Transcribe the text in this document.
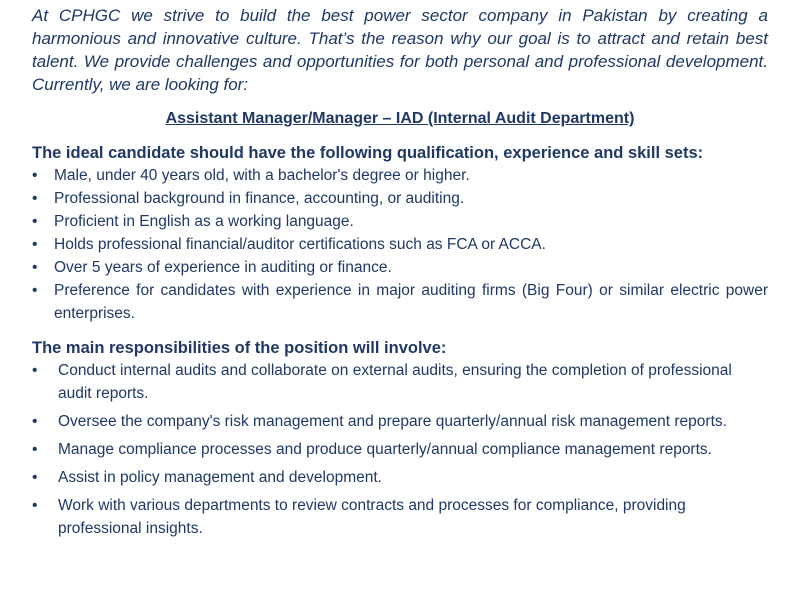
At CPHGC we strive to build the best power sector company in Pakistan by creating a harmonious and innovative culture. That’s the reason why our goal is to attract and retain best talent. We provide challenges and opportunities for both personal and professional development. Currently, we are looking for:

Assistant Manager/Manager – IAD (Internal Audit Department)
The ideal candidate should have the following qualification, experience and skill sets:
• Male, under 40 years old, with a bachelor's degree or higher.
• Professional background in finance, accounting, or auditing.
• Proficient in English as a working language.
• Holds professional financial/auditor certifications such as FCA or ACCA.
• Over 5 years of experience in auditing or finance.
• Preference for candidates with experience in major auditing firms (Big Four) or similar electric power enterprises.
The main responsibilities of the position will involve:
• Conduct internal audits and collaborate on external audits, ensuring the completion of professional audit reports.
• Oversee the company's risk management and prepare quarterly/annual risk management reports.
• Manage compliance processes and produce quarterly/annual compliance management reports.
• Assist in policy management and development.
• Work with various departments to review contracts and processes for compliance, providing professional insights.
